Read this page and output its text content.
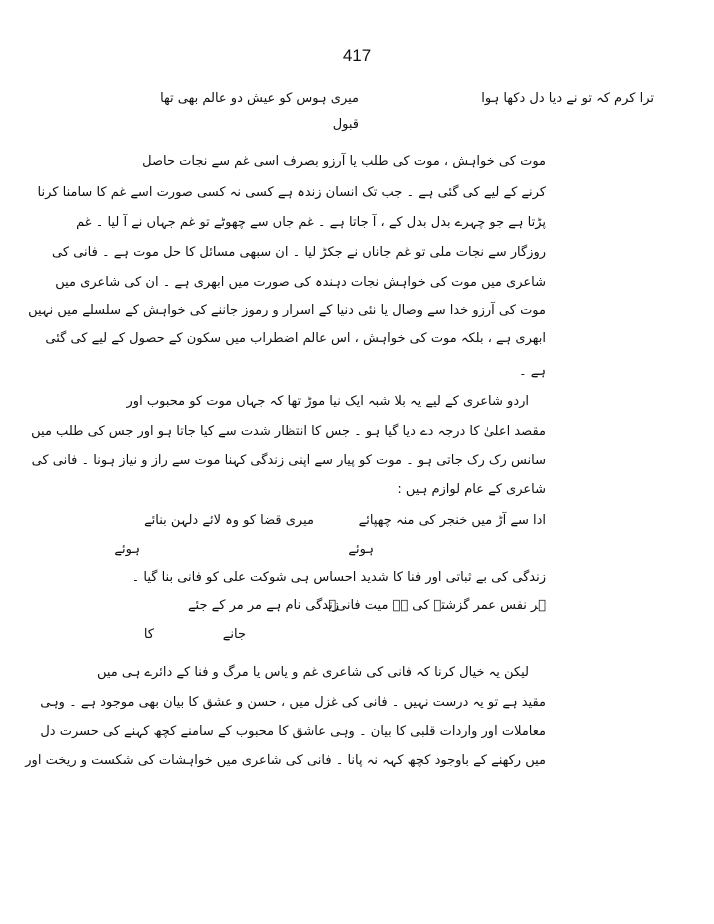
417
ترا کرم کہ تو نے دیا دل دکھا ہوا
میری ہوس کو عیش دو عالم بھی تھا
قبول
موت کی خواہش ، موت کی طلب یا آرزو بصرف اسی غم سے نجات حاصل
کرنے کے لیے کی گئی ہے ۔ جب تک انسان زندہ ہے کسی نہ کسی صورت اسے غم کا سامنا کرنا
پڑتا ہے جو چہرے بدل بدل کے ، آ جاتا ہے ۔ غم جاں سے چھوٹے تو غم جہاں نے آ لیا ۔ غم
روزگار سے نجات ملی تو غم جاناں نے جکڑ لیا ۔ ان سبھی مسائل کا حل موت ہے ۔ فانی کی
شاعری میں موت کی خواہش نجات دہندہ کی صورت میں ابھری ہے ۔ ان کی شاعری میں
موت کی آرزو خدا سے وصال یا نئی دنیا کے اسرار و رموز جاننے کی خواہش کے سلسلے میں نہیں
ابھری ہے ، بلکہ موت کی خواہش ، اس عالم اضطراب میں سکون کے حصول کے لیے کی گئی
ہے ۔
اردو شاعری کے لیے یہ بلا شبہ ایک نیا موڑ تھا کہ جہاں موت کو محبوب اور
مقصد اعلیٰ کا درجہ دے دیا گیا ہو ۔ جس کا انتظار شدت سے کیا جاتا ہو اور جس کی طلب میں
سانس رک رک جاتی ہو ۔ موت کو پیار سے اپنی زندگی کہنا موت سے راز و نیاز ہونا ۔ فانی کی
شاعری کے عام لوازم ہیں :
میری قضا کو وہ لائے دلہن بنائے	ادا سے آڑ میں خنجر کی منہ چھپائے
ہوئے	ہوئے
زندگی کی بے ثباتی اور فنا کا شدید احساس ہی شوکت علی کو فانی بنا گیا ۔
زندگی نام ہے مر مر کے جئے
ہر نفس عمر گزشتہ کی ہے میت فانیؔ
کا	جانے
لیکن یہ خیال کرنا کہ فانی کی شاعری غم و یاس یا مرگ و فنا کے دائرے ہی میں
مقید ہے تو یہ درست نہیں ۔ فانی کی غزل میں ، حسن و عشق کا بیان بھی موجود ہے ۔ وہی
معاملات اور واردات قلبی کا بیان ۔ وہی عاشق کا محبوب کے سامنے کچھ کہنے کی حسرت دل
میں رکھنے کے باوجود کچھ کہہ نہ پانا ۔ فانی کی شاعری میں خواہشات کی شکست و ریخت اور
